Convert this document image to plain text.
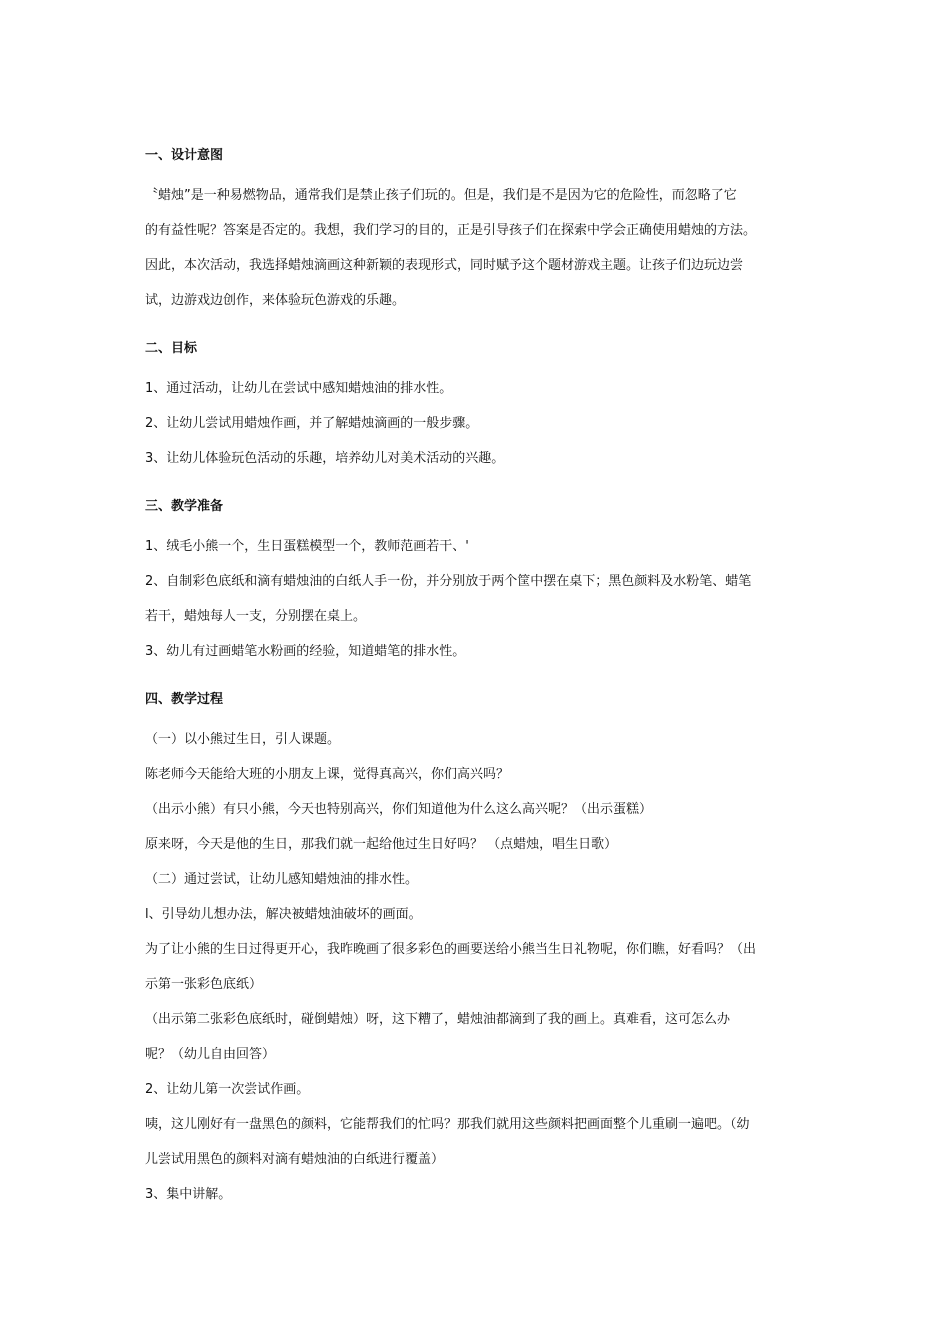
一、设计意图
〝蜡烛”是一种易燃物品，通常我们是禁止孩子们玩的。但是，我们是不是因为它的危险性，而忽略了它
的有益性呢？答案是否定的。我想，我们学习的目的，正是引导孩子们在探索中学会正确使用蜡烛的方法。
因此，本次活动，我选择蜡烛滴画这种新颖的表现形式，同时赋予这个题材游戏主题。让孩子们边玩边尝
试，边游戏边创作，来体验玩色游戏的乐趣。
二、目标
1、通过活动，让幼儿在尝试中感知蜡烛油的排水性。
2、让幼儿尝试用蜡烛作画，并了解蜡烛滴画的一般步骤。
3、让幼儿体验玩色活动的乐趣，培养幼儿对美术活动的兴趣。
三、教学准备
1、绒毛小熊一个，生日蛋糕模型一个，教师范画若干、'
2、自制彩色底纸和滴有蜡烛油的白纸人手一份，并分别放于两个筐中摆在桌下；黑色颜料及水粉笔、蜡笔
若干，蜡烛每人一支，分别摆在桌上。
3、幼儿有过画蜡笔水粉画的经验，知道蜡笔的排水性。
四、教学过程
（一）以小熊过生日，引人课题。
陈老师今天能给大班的小朋友上课，觉得真高兴，你们高兴吗？
（出示小熊）有只小熊，今天也特别高兴，你们知道他为什么这么高兴呢？（出示蛋糕）
原来呀，今天是他的生日，那我们就一起给他过生日好吗？ （点蜡烛，唱生日歌）
（二）通过尝试，让幼儿感知蜡烛油的排水性。
l、引导幼儿想办法，解决被蜡烛油破坏的画面。
为了让小熊的生日过得更开心，我昨晚画了很多彩色的画要送给小熊当生日礼物呢，你们瞧，好看吗？（出
示第一张彩色底纸）
（出示第二张彩色底纸时，碰倒蜡烛）呀，这下糟了，蜡烛油都滴到了我的画上。真难看，这可怎么办
呢？（幼儿自由回答）
2、让幼儿第一次尝试作画。
咦，这儿刚好有一盘黑色的颜料，它能帮我们的忙吗？那我们就用这些颜料把画面整个儿重刷一遍吧。（幼
儿尝试用黑色的颜料对滴有蜡烛油的白纸进行覆盖）
3、集中讲解。
